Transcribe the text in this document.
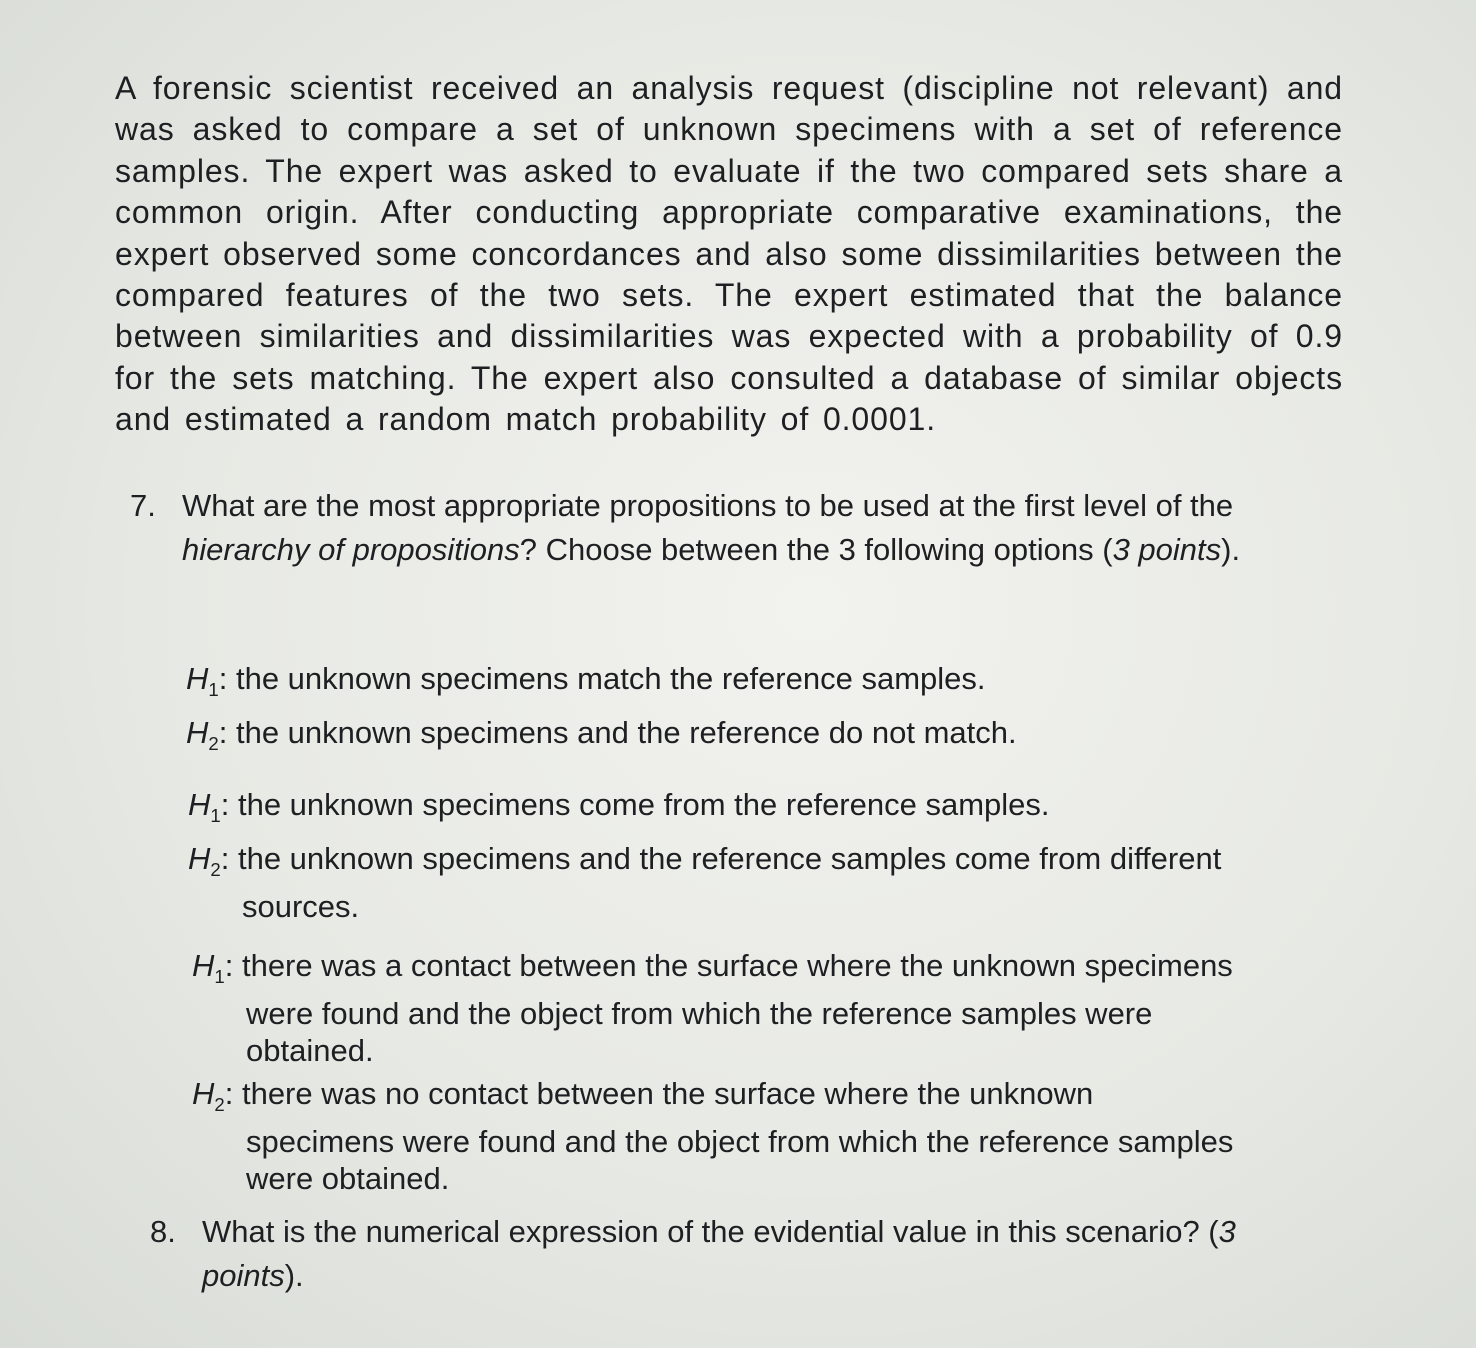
A forensic scientist received an analysis request (discipline not relevant) and was asked to compare a set of unknown specimens with a set of reference samples. The expert was asked to evaluate if the two compared sets share a common origin. After conducting appropriate comparative examinations, the expert observed some concordances and also some dissimilarities between the compared features of the two sets. The expert estimated that the balance between similarities and dissimilarities was expected with a probability of 0.9 for the sets matching. The expert also consulted a database of similar objects and estimated a random match probability of 0.0001.

7. What are the most appropriate propositions to be used at the first level of the hierarchy of propositions? Choose between the 3 following options (3 points).

$H_1$: the unknown specimens match the reference samples.

$H_2$: the unknown specimens and the reference do not match.

$H_1$: the unknown specimens come from the reference samples.

$H_2$: the unknown specimens and the reference samples come from different sources.

$H_1$: there was a contact between the surface where the unknown specimens were found and the object from which the reference samples were obtained.

$H_2$: there was no contact between the surface where the unknown specimens were found and the object from which the reference samples were obtained.

8. What is the numerical expression of the evidential value in this scenario? (3 points).
